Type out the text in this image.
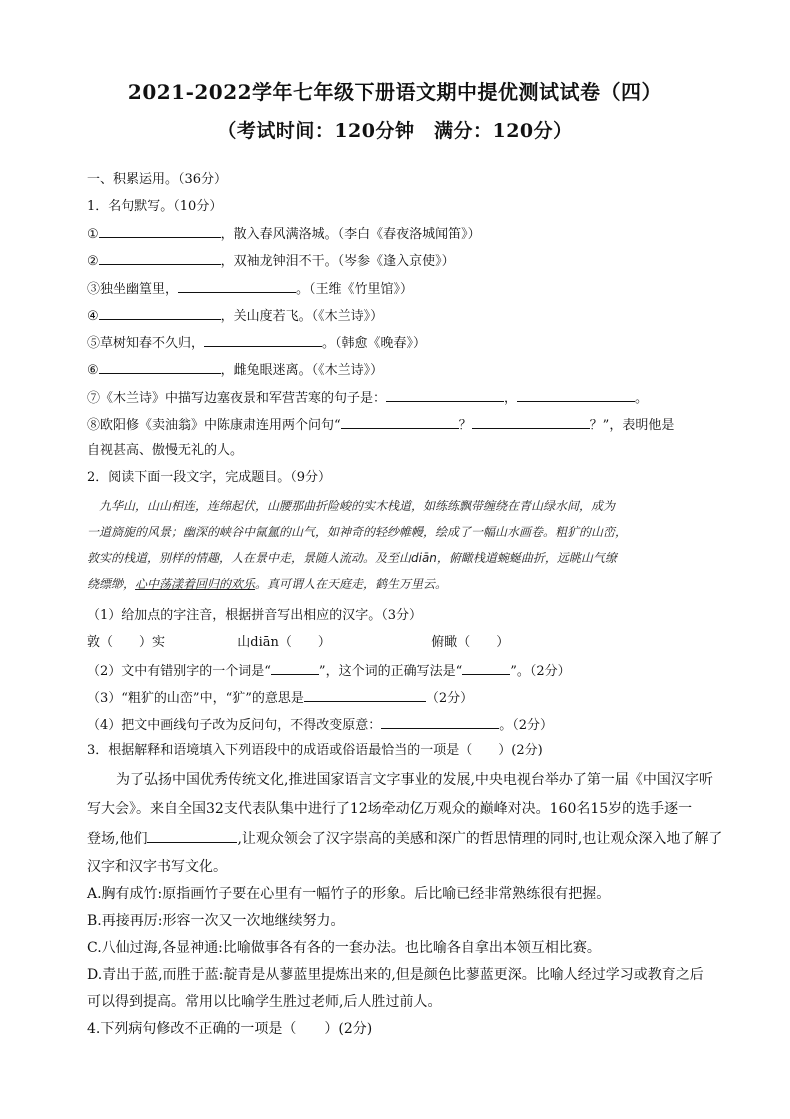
2021-2022学年七年级下册语文期中提优测试试卷（四）
（考试时间：120分钟　满分：120分）
一、积累运用。（36分）
1．名句默写。（10分）
①	，散入春风满洛城。（李白《春夜洛城闻笛》）
②	，双袖龙钟泪不干。（岑参《逢入京使》）
③独坐幽篁里，	。（王维《竹里馆》）
④	，关山度若飞。（《木兰诗》）
⑤草树知春不久归，	。（韩愈《晚春》）
⑥	，雌兔眼迷离。（《木兰诗》）
⑦《木兰诗》中描写边塞夜景和军营苦寒的句子是：	，	。
⑧欧阳修《卖油翁》中陈康肃连用两个问句“	？	？”，表明他是
自视甚高、傲慢无礼的人。
2．阅读下面一段文字，完成题目。（9分）
　九华山，山山相连，连绵起伏，山腰那曲折险峻的实木栈道，如练练飘带缠绕在青山绿水间，成为
一道旖旎的风景；幽深的峡谷中氤氲的山气，如神奇的轻纱帷幔，绘成了一幅山水画卷。粗犷的山峦，
敦实的栈道，别样的情趣，人在景中走，景随人流动。及至山diān，俯瞰栈道蜿蜒曲折，远眺山气缭
绕缥缈，心中荡漾着回归的欢乐。真可谓人在天庭走，鹤生万里云。
（1）给加点的字注音，根据拼音写出相应的汉字。（3分）
敦（　　）实	山diān（　　）	俯瞰（　　）
（2）文中有错别字的一个词是“	”，这个词的正确写法是“	”。（2分）
（3）“粗犷的山峦”中，“犷”的意思是	（2分）
（4）把文中画线句子改为反问句，不得改变原意：	。（2分）
3．根据解释和语境填入下列语段中的成语或俗语最恰当的一项是（　　）(2分)
为了弘扬中国优秀传统文化,推进国家语言文字事业的发展,中央电视台举办了第一届《中国汉字听
写大会》。来自全国32支代表队集中进行了12场牵动亿万观众的巅峰对决。160名15岁的选手逐一
登场,他们	,让观众领会了汉字崇高的美感和深广的哲思情理的同时,也让观众深入地了解了
汉字和汉字书写文化。
A.胸有成竹:原指画竹子要在心里有一幅竹子的形象。后比喻已经非常熟练很有把握。
B.再接再厉:形容一次又一次地继续努力。
C.八仙过海,各显神通:比喻做事各有各的一套办法。也比喻各自拿出本领互相比赛。
D.青出于蓝,而胜于蓝:靛青是从蓼蓝里提炼出来的,但是颜色比蓼蓝更深。比喻人经过学习或教育之后
可以得到提高。常用以比喻学生胜过老师,后人胜过前人。
4.下列病句修改不正确的一项是（　　）(2分)
